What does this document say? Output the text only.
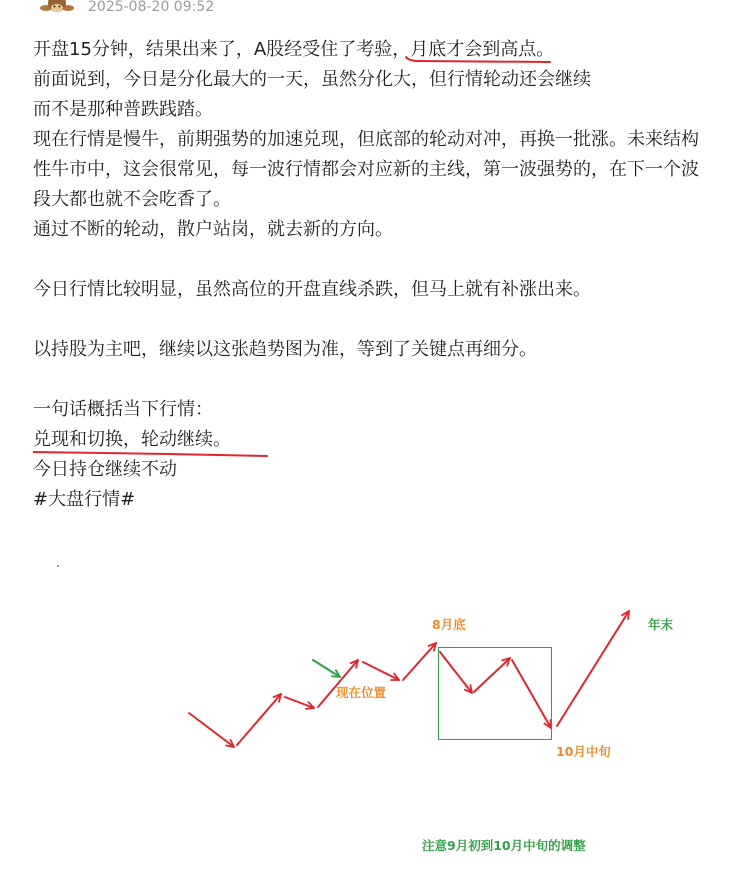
2025-08-20 09:52
开盘15分钟，结果出来了，A股经受住了考验，月底才会到高点。
前面说到，今日是分化最大的一天，虽然分化大，但行情轮动还会继续
而不是那种普跌践踏。
现在行情是慢牛，前期强势的加速兑现，但底部的轮动对冲，再换一批涨。未来结构
性牛市中，这会很常见，每一波行情都会对应新的主线，第一波强势的，在下一个波
段大都也就不会吃香了。
通过不断的轮动，散户站岗，就去新的方向。
今日行情比较明显，虽然高位的开盘直线杀跌，但马上就有补涨出来。
以持股为主吧，继续以这张趋势图为准，等到了关键点再细分。
一句话概括当下行情：
兑现和切换，轮动继续。
今日持仓继续不动
#大盘行情#
8月底
现在位置
10月中旬
年末
注意9月初到10月中旬的调整
